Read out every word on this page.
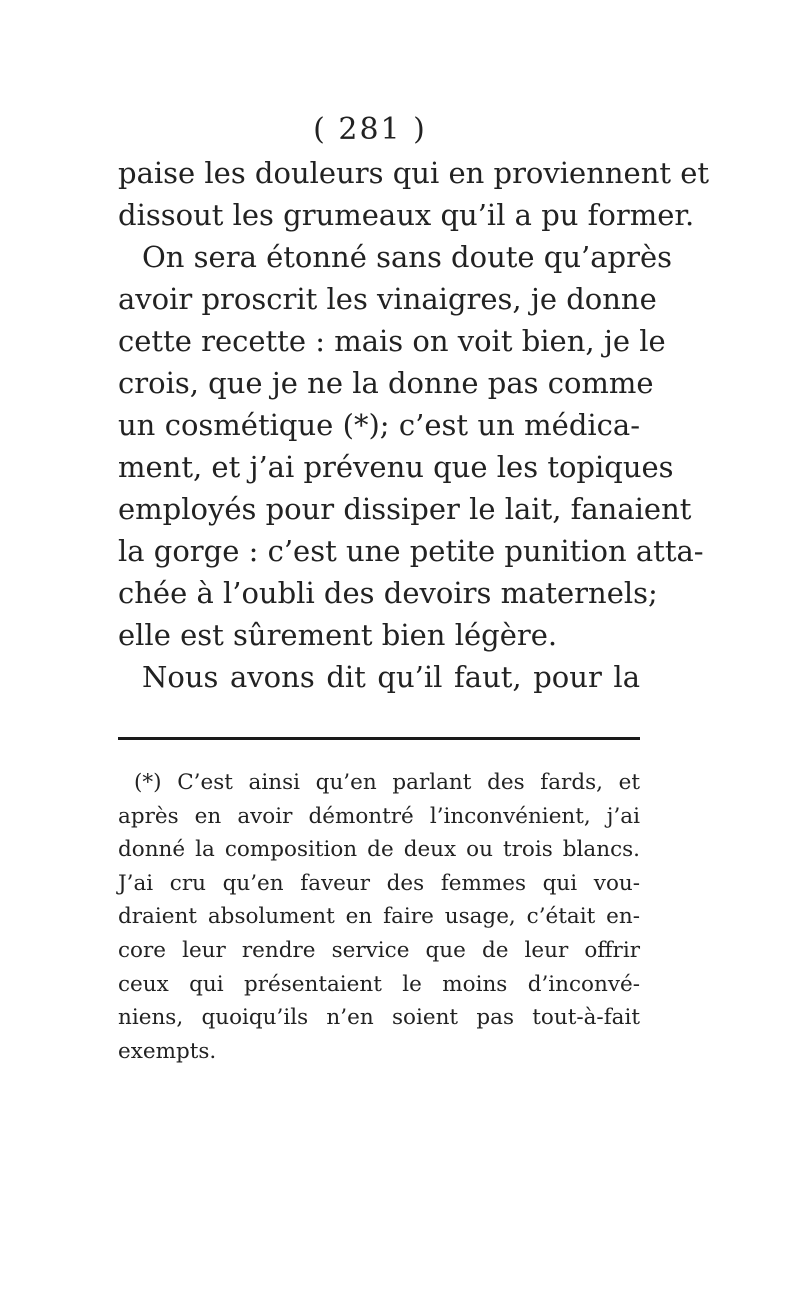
( 281 )
paise les douleurs qui en proviennent et
dissout les grumeaux qu’il a pu former.
On sera étonné sans doute qu’après
avoir proscrit les vinaigres, je donne
cette recette : mais on voit bien, je le
crois, que je ne la donne pas comme
un cosmétique (*); c’est un médica-
ment, et j’ai prévenu que les topiques
employés pour dissiper le lait, fanaient
la gorge : c’est une petite punition atta-
chée à l’oubli des devoirs maternels;
elle est sûrement bien légère.
Nous avons dit qu’il faut, pour la
(*) C’est ainsi qu’en parlant des fards, et
après en avoir démontré l’inconvénient, j’ai
donné la composition de deux ou trois blancs.
J’ai cru qu’en faveur des femmes qui vou-
draient absolument en faire usage, c’était en-
core leur rendre service que de leur offrir
ceux qui présentaient le moins d’inconvé-
niens, quoiqu’ils n’en soient pas tout-à-fait
exempts.
